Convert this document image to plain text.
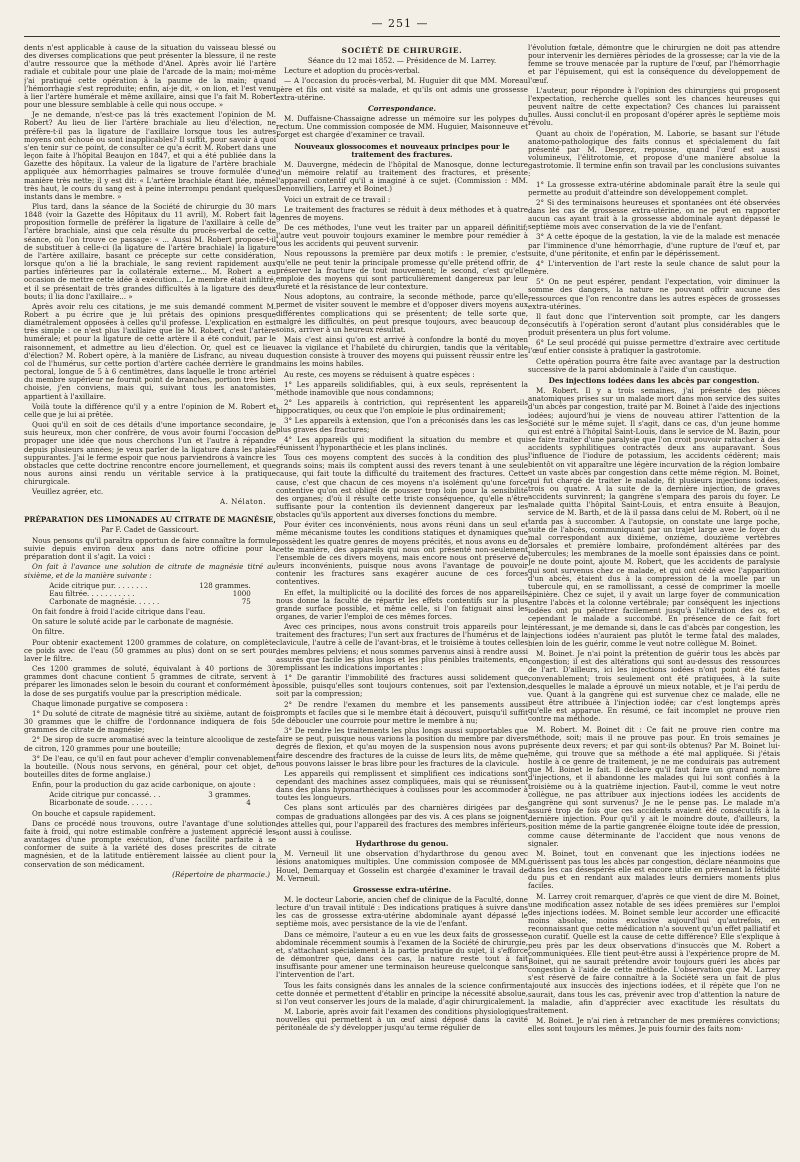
— 251 —

dents n'est applicable à cause de la situation du vaisseau blessé ou des diverses complications que peut présenter la blessure, il ne reste d'autre ressource que la méthode d'Anel. Après avoir lié l'artère radiale et cubitale pour une plaie de l'arcade de la main; moi-même j'ai pratiqué cette opération à la paume de la main; quand l'hémorrhagie s'est reproduite; enfin, ai-je dit, « on lion, et l'est venu à lier l'artère humérale et même axillaire, ainsi que l'a fait M. Robert pour une blessure semblable à celle qui nous occupe. »

Je ne demande, n'est-ce pas lá très exactement l'opinion de M. Robert? Au lieu de lier l'artère brachiale au lieu d'élection, ne préfère-t-il pas la ligature de l'axillaire lorsque tous les autres moyens ont échoué ou sont inapplicables? Il suffit, pour savoir à quoi s'en tenir sur ce point, de consulter ce qu'a écrit M. Robert dans une leçon faite à l'hôpital Beaujon en 1847, et qui a été publiée dans la Gazette des hôpitaux. La valeur de la ligature de l'artère brachiale appliquée aux hémorrhagies palmaires se trouve formulée d'une manière très nette; il y est dit: « L'artère brachiale étant liée, même très haut, le cours du sang est à peine interrompu pendant quelques instants dans le membre. »

Plus tard, dans la séance de la Société de chirurgie du 30 mars 1848 (voir la Gazette des Hôpitaux du 11 avril), M. Robert fait la proposition formelle de préférer la ligature de l'axillaire à celle de l'artère brachiale, ainsi que cela résulte du procès-verbal de cette séance, où l'on trouve ce passage: « ... Aussi M. Robert propose-t-il de substituer à celle-ci (la ligature de l'artère brachiale) la ligature de l'artère axillaire, basant ce précepte sur cette considération, lorsque qu'on a lié la brachiale, le sang revient rapidement aux parties inférieures par la collatérale externe... M. Robert a eu occasion de mettre cette idée à exécution... Le membre était infiltré, et il se présentait de très grandes difficultés à la ligature des deux bouts; il lia donc l'axillaire... »

Après avoir relu ces citations, je me suis demandé comment M. Robert a pu écrire que je lui prêtais des opinions presque diamétralement opposées à celles qu'il professe. L'explication en est très simple : ce n'est plus l'axillaire que lie M. Robert, c'est l'artère humérale; et pour la ligature de cette artère il a été conduit, par le raisonnement, et admettre au lieu d'élection. Or, quel est ce lieu d'élection? M. Robert opère, à la manière de Lisfranc, au niveau du col de l'humérus, sur cette portion d'artère cachée derrière le grand pectoral, longue de 5 à 6 centimètres, dans laquelle le tronc artériel du membre supérieur ne fournit point de branches, portion très bien choisie, j'en conviens, mais qui, suivant tous les anatomistes, appartient à l'axillaire.

Voilà toute la différence qu'il y a entre l'opinion de M. Robert et celle que je lui ai prêtée.

Quoi qu'il en soit de ces détails d'une importance secondaire, je suis heureux, mon cher confrère, de vous avoir fourni l'occasion de propager une idée que nous cherchons l'un et l'autre à répandre depuis plusieurs années; je veux parler de la ligature dans les plaies suppurantes. J'ai le ferme espoir que nous parviendrons à vaincre les obstacles que cette doctrine rencontre encore journellement, et que nous aurons ainsi rendu un véritable service à la pratique chirurgicale.

Veuillez agréer, etc.

A. Nélaton.
PRÉPARATION DES LIMONADES AU CITRATE DE MAGNÉSIE,
Par F. Cadet de Gassicourt.

Nous pensons qu'il paraîtra opportun de faire connaître la formule suivie depuis environ deux ans dans notre officine pour la préparation dont il s'agit. La voici :

On fait à l'avance une solution de citrate de magnésie titré au sixième, et de la manière suivante :

Acide citrique pur. . . . . . . .	128 grammes.
Eau filtrée. . . . . . . . . . .	1000
Carbonate de magnésie. . . . . .	75

On fait fondre à froid l'acide citrique dans l'eau.

On sature le soluté acide par le carbonate de magnésie.

On filtre.

Pour obtenir exactement 1200 grammes de colature, on complète ce poids avec de l'eau (50 grammes au plus) dont on se sert pour laver le filtre.

Ces 1200 grammes de soluté, équivalant à 40 portions de 30 grammes dont chacune contient 5 grammes de citrate, servent à préparer les limonades selon le besoin du courant et conformément à la dose de ses purgatifs voulue par la prescription médicale.

Chaque limonade purgative se composera :

1° Du soluté de citrate de magnésie titré au sixième, autant de fois 30 grammes que le chiffre de l'ordonnance indiquera de fois 5 grammes de citrate de magnésie;

2° De sirop de sucre aromatisé avec la teinture alcoolique de zeste de citron, 120 grammes pour une bouteille;

3° De l'eau, ce qu'il en faut pour achever d'emplir convenablement la bouteille. (Nous nous servons, en général, pour cet objet, de bouteilles dites de forme anglaise.)

Enfin, pour la production du gaz acide carbonique, on ajoute :

Acide citrique pur concassé. . .	3 grammes.
Bicarbonate de soude. . . . . .	4

On bouche et capsule rapidement.

Dans ce procédé nous trouvons, outre l'avantage d'une solution faite à froid, qui notre estimable confrère a justement apprécié les avantages d'une prompte exécution, d'une facilité parfaite à se conformer de suite à la variété des doses prescrites de citrate magnésien, et de la latitude entièrement laissée au client pour la conservation de son médicament.

(Répertoire de pharmacie.)
SOCIÉTÉ DE CHIRURGIE.

Séance du 12 mai 1852. — Présidence de M. Larrey.

Lecture et adoption du procès-verbal.

— A l'occasion du procès-verbal, M. Huguier dit que MM. Moreau père et fils ont visité sa malade, et qu'ils ont admis une grossesse extra-utérine.

Correspondance.

M. Duffaisne-Chassaigne adresse un mémoire sur les polypes du rectum. Une commission composée de MM. Huguier, Maisonneuve et Forget est chargée d'examiner ce travail.

Nouveaux glossocomes et nouveaux principes pour le traitement des fractures.

M. Dauvergne, médecin de l'hôpital de Manosque, donne lecture d'un mémoire relatif au traitement des fractures, et présente l'appareil contentif qu'il a imaginé à ce sujet. (Commission : MM. Denonvilliers, Larrey et Boinet.)

Voici un extrait de ce travail :

Le traitement des fractures se réduit à deux méthodes et à quatre genres de moyens.

De ces méthodes, l'une veut les traiter par un appareil définitif; l'autre veut pouvoir toujours examiner le membre pour remédier à tous les accidents qui peuvent survenir.

Nous repoussons la première par deux motifs : le premier, c'est qu'elle ne peut tenir la principale promesse qu'elle prétend offrir, de préserver la fracture de tout mouvement; le second, c'est qu'elle emploie des moyens qui sont particulièrement dangereux par leur dureté et la résistance de leur contexture.

Nous adoptons, au contraire, la seconde méthode, parce qu'elle permet de visiter souvent le membre et d'opposer divers moyens aux différentes complications qui se présentent; de telle sorte que, malgré les difficultés, on peut presque toujours, avec beaucoup de soins, arriver à un heureux résultat.

Mais c'est ainsi qu'on est arrivé à confondre la bonté du moyen avec la vigilance et l'habileté du chirurgien, tandis que la véritable question consiste à trouver des moyens qui puissent réussir entre les mains les moins habiles.

Au reste, ces moyens se réduisent à quatre espèces :

1° Les appareils solidifiables, qui, à eux seuls, représentent la méthode inamovible que nous condamnons;

2° Les appareils à contriction, qui représentent les appareils hippocratiques, ou ceux que l'on emploie le plus ordinairement;

3° Les appareils à extension, que l'on a préconisés dans les cas les plus graves des fractures;

4° Les appareils qui modifient la situation du membre et qui réunissent l'hyponarthécie et les plans inclinés.

Tous ces moyens comptent des succès à la condition des plus grands soins; mais ils comptent aussi des revers tenant à une seule cause, qui fait toute la difficulté du traitement des fractures. Cette cause, c'est que chacun de ces moyens n'a isolément qu'une force contentive qu'on est obligé de pousser trop loin pour la sensibilité des organes; d'où il résulte cette triste conséquence, qu'elle n'être suffisante pour la contention ils deviennent dangereux par les obstacles qu'ils apportent aux diverses fonctions du membre.

Pour éviter ces inconvénients, nous avons réuni dans un seul et même mécanisme toutes les conditions statiques et dynamiques que possèdent les quatre genres de moyens précités, et nous avons eu de cette manière, des appareils qui nous ont présenté non-seulement l'ensemble de ces divers moyens, mais encore nous ont préservé de leurs inconvénients, puisque nous avons l'avantage de pouvoir contenir les fractures sans exagérer aucune de ces forces contentives.

En effet, la multiplicité ou la docilité des forces de nos appareils nous donne la faculté de répartir les effets contentifs sur la plus grande surface possible, et même celle, si l'on fatiguait ainsi les organes, de varier l'emploi de ces mêmes forces.

Avec ces principes, nous avons construit trois appareils pour le traitement des fractures; l'un sert aux fractures de l'humérus et de la clavicule, l'autre à celle de l'avant-bras, et le troisième à toutes celles des membres pelviens; et nous sommes parvenus ainsi à rendre aussi assurés que facile les plus longs et les plus pénibles traitements, en remplissant les indications importantes :

1° De garantir l'immobilité des fractures aussi solidement que possible, puisqu'elles sont toujours contenues, soit par l'extension, soit par la compression;

2° De rendre l'examen du membre et les pansements aussi prompts et faciles que si le membre était à découvert, puisqu'il suffit de déboucler une courroie pour mettre le membre à nu;

3° De rendre les traitements les plus longs aussi supportables que faire se peut, puisque nous varions la position du membre par divers degrés de flexion, et qu'au moyen de la suspension nous avons pu faire descendre des fractures de la cuisse de leurs lits, de même que nous pouvons laisser le bras libre pour les fractures de la clavicule.

Les appareils qui remplissent et simplifient ces indications sont cependant des machines assez compliquées, mais qui se réunissent dans des plans hyponarthéciques à coulisses pour les accommoder à toutes les longueurs.

Ces plans sont articulés par des charnières dirigées par des compas de graduations allongées par des vis. A ces plans se joignent des attelles qui, pour l'appareil des fractures des membres inférieurs, sont aussi à coulisse.

Hydarthrose du genou.

M. Verneuil lit une observation d'hydarthrose du genou avec lésions anatomiques multiples. Une commission composée de MM. Houel, Demarquay et Gosselin est chargée d'examiner le travail de M. Verneuil.

Grossesse extra-utérine.

M. le docteur Laborie, ancien chef de clinique de la Faculté, donne lecture d'un travail intitulé : Des indications pratiques à suivre dans les cas de grossesse extra-utérine abdominale ayant dépassé le septième mois, avec persistance de la vie de l'enfant.

Dans ce mémoire, l'auteur a eu en vue les deux faits de grossesse abdominale récemment soumis à l'examen de la Société de chirurgie, et, s'attachant spécialement à la partie pratique du sujet, il s'efforce de démontrer que, dans ces cas, la nature reste tout à fait insuffisante pour amener une terminaison heureuse quelconque sans l'intervention de l'art.

Tous les faits consignés dans les annales de la science confirment cette donnée et permettent d'établir en principe la nécessité absolue, si l'on veut conserver les jours de la malade, d'agir chirurgicalement.

M. Laborie, après avoir fait l'examen des conditions physiologiques nouvelles qui permettent à un œuf ainsi déposé dans la cavité péritonéale de s'y développer jusqu'au terme régulier de

l'évolution fœtale, démontre que le chirurgien ne doit pas attendre pour intervenir les dernières périodes de la grossesse; car la vie de la femme se trouve menacée par la rupture de l'œuf, par l'hémorrhagie et par l'épuisement, qui est la conséquence du développement de l'œuf.

L'auteur, pour répondre à l'opinion des chirurgiens qui proposent l'expectation, recherche quelles sont les chances heureuses qui peuvent naître de cette expectation? Ces chances lui paraissent nulles. Aussi conclut-il en proposant d'opérer après le septième mois révolu.

Quant au choix de l'opération, M. Laborie, se basant sur l'étude anatomo-pathologique des faits connus et spécialement du fait présenté par M. Desprez, repousse, quand l'œuf est aussi volumineux, l'élitrotomie, et propose d'une manière absolue la gastrotomie. Il termine enfin son travail par les conclusions suivantes :

1° La grossesse extra-utérine abdominale paraît être la seule qui permette au produit d'atteindre son développement complet.

2° Si des terminaisons heureuses et spontanées ont été observées dans les cas de grossesse extra-utérine, on ne peut en rapporter aucun cas ayant trait à la grossesse abdominale ayant dépassé le septième mois avec conservation de la vie de l'enfant.

3° A cette époque de la gestation, la vie de la malade est menacée par l'imminence d'une hémorrhagie, d'une rupture de l'œuf et, par suite, d'une péritonite, et enfin par le dépérissement.

4° L'intervention de l'art reste la seule chance de salut pour la mère.

5° On ne peut espérer, pendant l'expectation, voir diminuer la somme des dangers, la nature ne pouvant offrir aucune des ressources que l'on rencontre dans les autres espèces de grossesses extra-utérines.

Il faut donc que l'intervention soit prompte, car les dangers consécutifs à l'opération seront d'autant plus considérables que le produit présentera un plus fort volume.

6° Le seul procédé qui puisse permettre d'extraire avec certitude l'œuf entier consiste à pratiquer la gastrotomie.

Cette opération pourra être faite avec avantage par la destruction successive de la paroi abdominale à l'aide d'un caustique.

Des injections iodées dans les abcès par congestion.

M. Robert. Il y a trois semaines, j'ai présenté des pièces anatomiques prises sur un malade mort dans mon service des suites d'un abcès par congestion, traité par M. Boinet à l'aide des injections iodées; aujourd'hui je viens de nouveau attirer l'attention de la Société sur le même sujet. Il s'agit, dans ce cas, d'un jeune homme qui est entré à l'hôpital Saint-Louis, dans le service de M. Bazin, pour se faire traiter d'une paralysie que l'on croit pouvoir rattacher à des accidents syphilitiques contractés deux ans auparavant. Sous l'influence de l'iodure de potassium, les accidents cédèrent; mais bientôt on vit apparaître une légère incurvation de la région lombaire et un vaste abcès par congestion dans cette même région. M. Boinet, qui fut chargé de traiter le malade, fit plusieurs injections iodées, trois ou quatre. A la suite de la dernière injection, de graves accidents survinrent; la gangrène s'empara des parois du foyer. Le malade quitta l'hôpital Saint-Louis, et entra ensuite à Beaujon, service de M. Barth, et de là il passa dans celui de M. Robert, où il ne tarda pas à succomber. A l'autopsie, on constate une large poche, suite de l'abcès, communiquant par un trajet large avec le foyer du mal correspondant aux dixième, onzième, douzième vertèbres dorsales et première lombaire, profondément altérées par des tubercules; les membranes de la moelle sont épaissies dans ce point. Je ne doute point, ajoute M. Robert, que les accidents de paralysie qui sont survenus chez ce malade, et qui ont cédé avec l'apparition d'un abcès, étaient dus à la compression de la moelle par un tubercule qui, en se ramollissant, a cessé de comprimer la moelle épinière. Chez ce sujet, il y avait un large foyer de communication entre l'abcès et la colonne vertébrale; par conséquent les injections iodées ont pu pénétrer facilement jusqu'à l'altération des os, et cependant le malade a succombé. En présence de ce fait fort intéressant, je me demande si, dans le cas d'abcès par congestion, les injections iodées n'auraient pas plutôt le terme fatal des malades, bien loin de les guérir, comme le veut notre collègue M. Boinet.

M. Boinet. Je n'ai point la prétention de guérir tous les abcès par congestion; il est des altérations qui sont au-dessus des ressources de l'art. D'ailleurs, ici les injections iodées n'ont point été faites convenablement; trois seulement ont été pratiquées, à la suite desquelles le malade a éprouvé un mieux notable, et je l'ai perdu de vue. Quant à la gangrène qui est survenue chez ce malade, elle ne peut être attribuée à l'injection iodée; car c'est longtemps après qu'elle est apparue. En résumé, ce fait incomplet ne prouve rien contre ma méthode.

M. Robert. M. Boinet dit : Ce fait ne prouve rien contre ma méthode, soit; mais il ne prouve pas pour. En trois semaines je présente deux revers; et par qui sont-ils obtenus? Par M. Boinet lui-même, qui trouve que sa méthode a été mal appliquée. Si j'étais hostile à ce genre de traitement, je ne me conduirais pas autrement que M. Boinet le fait. Il déclare qu'il faut faire un grand nombre d'injections, et il abandonne les malades qui lui sont confiés à la troisième ou à la quatrième injection. Faut-il, comme le veut notre collègue, ne pas attribuer aux injections iodées les accidents de gangrène qui sont survenus? Je ne le pense pas. Le malade m'a assuré trop de fois que ces accidents avaient été consécutifs à la dernière injection. Pour qu'il y ait le moindre doute, d'ailleurs, la position même de la partie gangrenée éloigne toute idée de pression, comme cause déterminante de l'accident que nous venons de signaler.

M. Boinet, tout en convenant que les injections iodées ne guérissent pas tous les abcès par congestion, déclare néanmoins que dans les cas désespérés elle est encore utile en prévenant la fétidité du pus et en rendant aux malades leurs derniers moments plus faciles.

M. Larrey croit remarquer, d'après ce que vient de dire M. Boinet, une modification assez notable de ses idées premières sur l'emploi des injections iodées. M. Boinet semble leur accorder une efficacité moins absolue, moins exclusive aujourd'hui qu'autrefois, en reconnaissant que cette médication n'a souvent qu'un effet palliatif et non curatif. Quelle est la cause de cette différence? Elle s'explique à peu près par les deux observations d'insuccès que M. Robert a communiquées. Elle tient peut-être aussi à l'expérience propre de M. Boinet, qui ne saurait prétendre avoir toujours guéri les abcès par congestion à l'aide de cette méthode. L'observation que M. Larrey s'est réservé de faire connaître à la Société sera un fait de plus ajouté aux insuccès des injections iodées, et il répète que l'on ne saurait, dans tous les cas, prévenir avec trop d'attention la nature de la maladie, afin d'apprécier avec exactitude les résultats du traitement.

M. Boinet. Je n'ai rien à retrancher de mes premières convictions; elles sont toujours les mêmes. Je puis fournir des faits nom-
